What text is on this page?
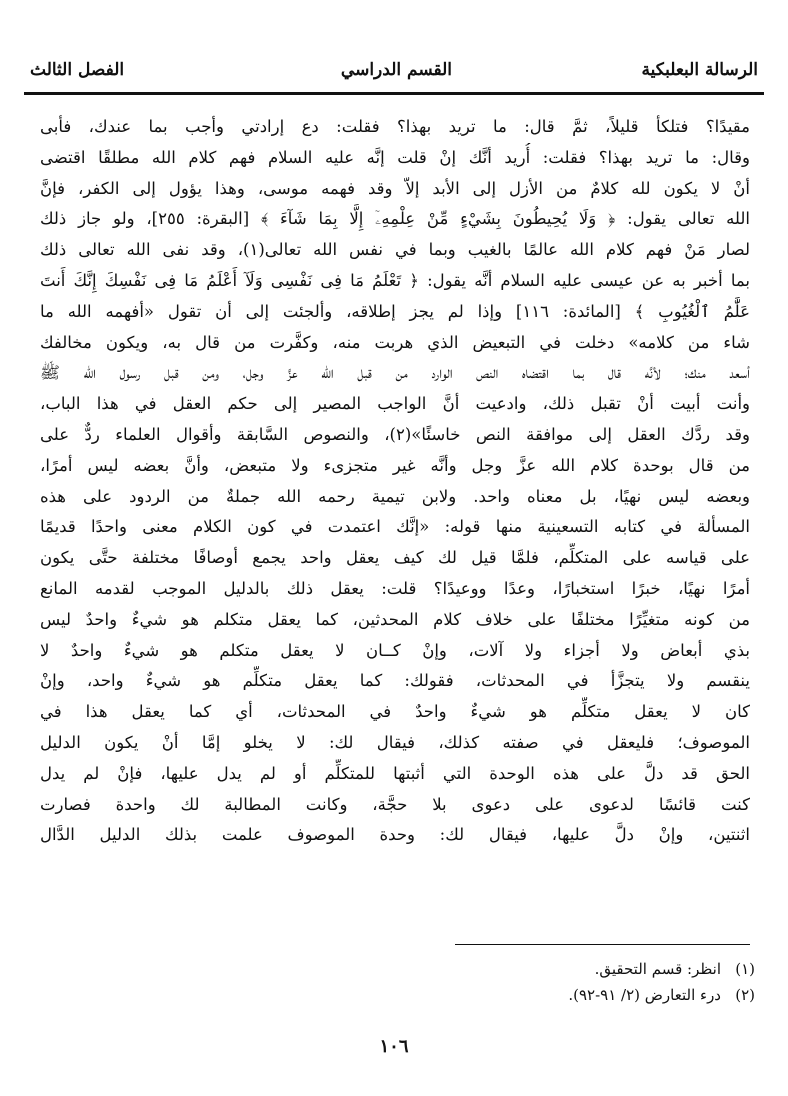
الرسالة البعلبكية
القسم الدراسي
الفصل الثالث
مقيدًا؟ فتلكأ قليلاً، ثمَّ قال: ما تريد بهذا؟ فقلت: دع إرادتي وأجب بما عندك، فأبى
وقال: ما تريد بهذا؟ فقلت: أُريد أنَّك إنْ قلت إنَّه عليه السلام فهم كلام الله مطلقًا اقتضى
أنْ لا يكون لله كلامٌ من الأزل إلى الأبد إلاّ وقد فهمه موسى، وهذا يؤول إلى الكفر، فإنَّ
الله تعالى يقول: ﴿ وَلَا يُحِيطُونَ بِشَيْءٍ مِّنْ عِلْمِهِۦٓ إِلَّا بِمَا شَآءَ ﴾ [البقرة: ٢٥٥]، ولو جاز ذلك
لصار مَنْ فهم كلام الله عالمًا بالغيب وبما في نفس الله تعالى(١)، وقد نفى الله تعالى ذلك
بما أخبر به عن عيسى عليه السلام أنَّه يقول: ﴿ تَعْلَمُ مَا فِى نَفْسِى وَلَآ أَعْلَمُ مَا فِى نَفْسِكَ إِنَّكَ أَنتَ
عَلَّٰمُ ٱلْغُيُوبِ ﴾ [المائدة: ١١٦] وإذا لم يجز إطلاقه، وألجئت إلى أن تقول «أفهمه الله ما
شاء من كلامه» دخلت في التبعيض الذي هربت منه، وكفَّرت من قال به، ويكون مخالفك
أسعد منك؛ لأنَّه قال بما اقتضاه النص الوارد من قبل الله عزَّ وجل، ومن قبل رسول الله ﷺ
وأنت أبيت أنْ تقبل ذلك، وادعيت أنَّ الواجب المصير إلى حكم العقل في هذا الباب،
وقد ردَّك العقل إلى موافقة النص خاسئًا»(٢)، والنصوص السَّابقة وأقوال العلماء ردٌّ على
من قال بوحدة كلام الله عزَّ وجل وأنَّه غير متجزىء ولا متبعض، وأنَّ بعضه ليس أمرًا،
وبعضه ليس نهيًا، بل معناه واحد. ولابن تيمية رحمه الله جملةٌ من الردود على هذه
المسألة في كتابه التسعينية منها قوله: «إنَّك اعتمدت في كون الكلام معنى واحدًا قديمًا
على قياسه على المتكلِّم، فلمَّا قيل لك كيف يعقل واحد يجمع أوصافًا مختلفة حتَّى يكون
أمرًا نهيًا، خبرًا استخبارًا، وعدًا ووعيدًا؟ قلت: يعقل ذلك بالدليل الموجب لقدمه المانع
من كونه متغيِّرًا مختلفًا على خلاف كلام المحدثين، كما يعقل متكلم هو شيءٌ واحدٌ ليس
بذي أبعاض ولا أجزاء ولا آلات، وإنْ كــان لا يعقل متكلم هو شيءٌ واحدٌ لا
ينقسم ولا يتجزَّأ في المحدثات، فقولك: كما يعقل متكلِّم هو شيءٌ واحد، وإنْ
كان لا يعقل متكلِّم هو شيءٌ واحدٌ في المحدثات، أي كما يعقل هذا في
الموصوف؛ فليعقل في صفته كذلك، فيقال لك: لا يخلو إمَّا أنْ يكون الدليل
الحق قد دلَّ على هذه الوحدة التي أثبتها للمتكلِّم أو لم يدل عليها، فإنْ لم يدل
كنت قائسًا لدعوى على دعوى بلا حجَّة، وكانت المطالبة لك واحدة فصارت
اثنتين، وإنْ دلَّ عليها، فيقال لك: وحدة الموصوف علمت بذلك الدليل الدَّال
(١)انظر: قسم التحقيق.
(٢)درء التعارض (٢/ ٩١-٩٢).
١٠٦
